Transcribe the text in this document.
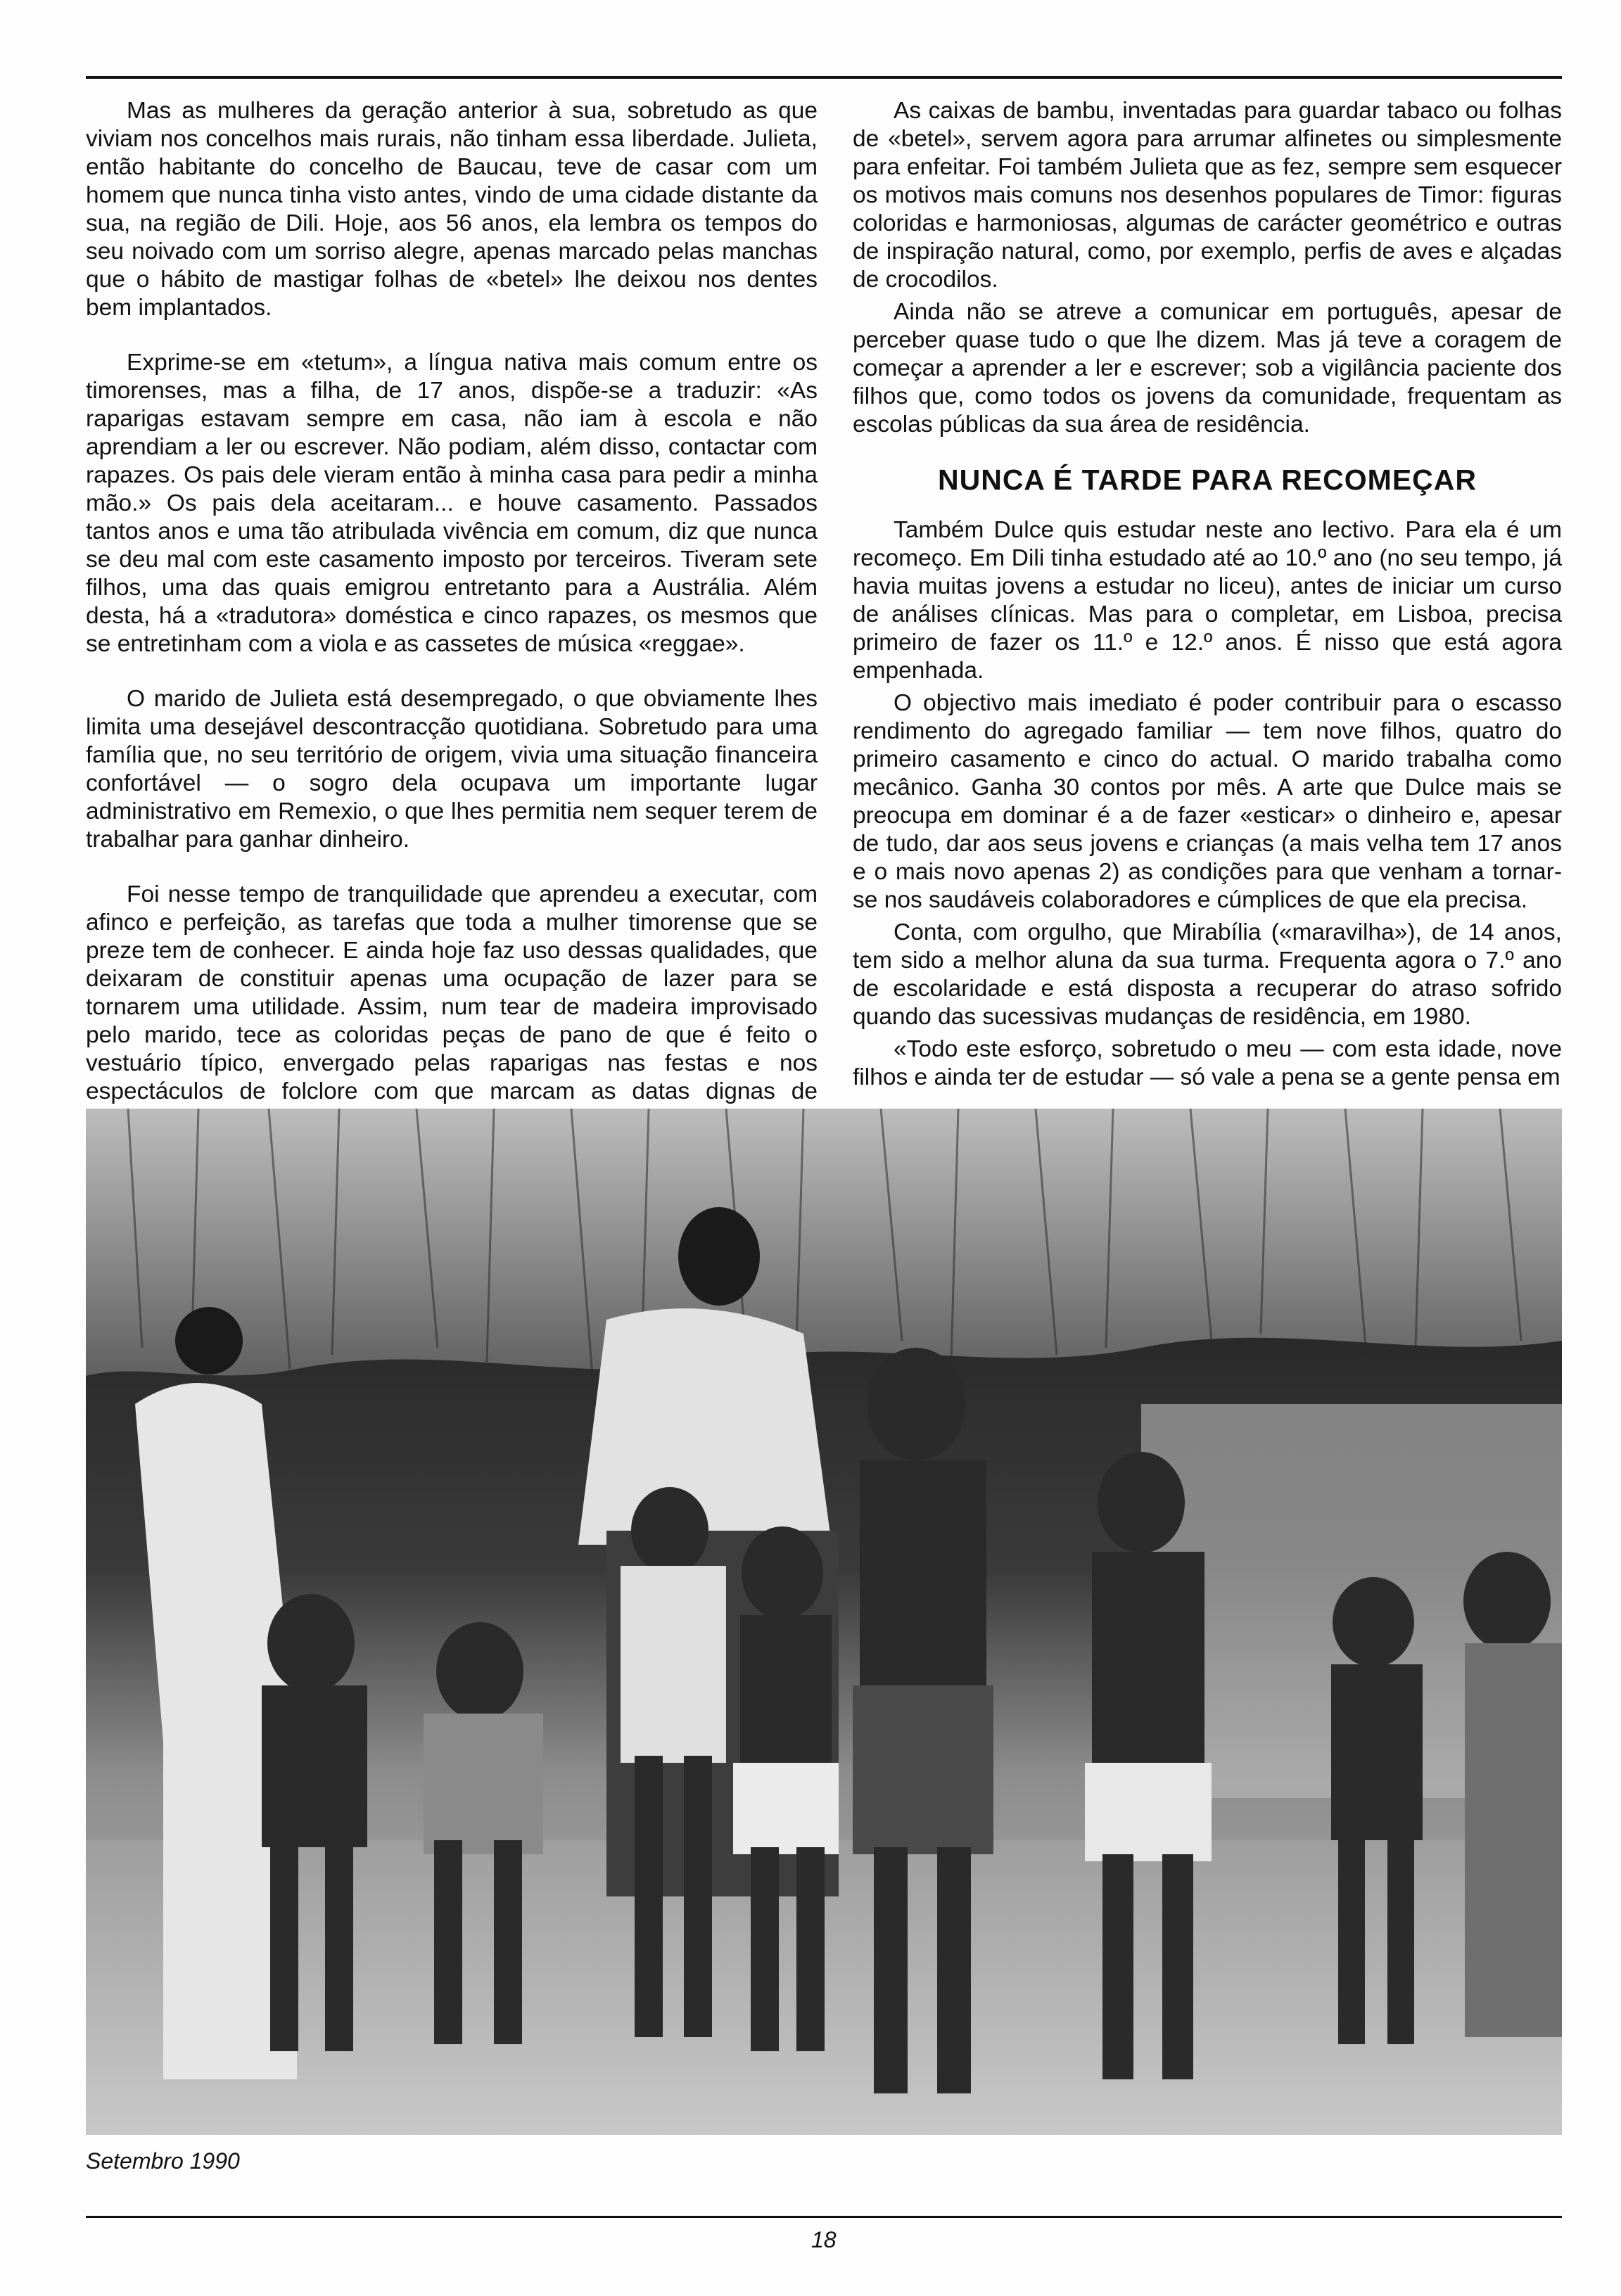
Mas as mulheres da geração anterior à sua, sobretudo as que viviam nos concelhos mais rurais, não tinham essa liberdade. Julieta, então habitante do concelho de Baucau, teve de casar com um homem que nunca tinha visto antes, vindo de uma cidade distante da sua, na região de Dili. Hoje, aos 56 anos, ela lembra os tempos do seu noivado com um sorriso alegre, apenas marcado pelas manchas que o hábito de mastigar folhas de «betel» lhe deixou nos dentes bem implantados.

Exprime-se em «tetum», a língua nativa mais comum entre os timorenses, mas a filha, de 17 anos, dispõe-se a traduzir: «As raparigas estavam sempre em casa, não iam à escola e não aprendiam a ler ou escrever. Não podiam, além disso, contactar com rapazes. Os pais dele vieram então à minha casa para pedir a minha mão.» Os pais dela aceitaram... e houve casamento. Passados tantos anos e uma tão atribulada vivência em comum, diz que nunca se deu mal com este casamento imposto por terceiros. Tiveram sete filhos, uma das quais emigrou entretanto para a Austrália. Além desta, há a «tradutora» doméstica e cinco rapazes, os mesmos que se entretinham com a viola e as cassetes de música «reggae».

O marido de Julieta está desempregado, o que obviamente lhes limita uma desejável descontracção quotidiana. Sobretudo para uma família que, no seu território de origem, vivia uma situação financeira confortável — o sogro dela ocupava um importante lugar administrativo em Remexio, o que lhes permitia nem sequer terem de trabalhar para ganhar dinheiro.

Foi nesse tempo de tranquilidade que aprendeu a executar, com afinco e perfeição, as tarefas que toda a mulher timorense que se preze tem de conhecer. E ainda hoje faz uso dessas qualidades, que deixaram de constituir apenas uma ocupação de lazer para se tornarem uma utilidade. Assim, num tear de madeira improvisado pelo marido, tece as coloridas peças de pano de que é feito o vestuário típico, envergado pelas raparigas nas festas e nos espectáculos de folclore com que marcam as datas dignas de

As caixas de bambu, inventadas para guardar tabaco ou folhas de «betel», servem agora para arrumar alfinetes ou simplesmente para enfeitar. Foi também Julieta que as fez, sempre sem esquecer os motivos mais comuns nos desenhos populares de Timor: figuras coloridas e harmoniosas, algumas de carácter geométrico e outras de inspiração natural, como, por exemplo, perfis de aves e alçadas de crocodilos.

Ainda não se atreve a comunicar em português, apesar de perceber quase tudo o que lhe dizem. Mas já teve a coragem de começar a aprender a ler e escrever; sob a vigilância paciente dos filhos que, como todos os jovens da comunidade, frequentam as escolas públicas da sua área de residência.

NUNCA É TARDE PARA RECOMEÇAR

Também Dulce quis estudar neste ano lectivo. Para ela é um recomeço. Em Dili tinha estudado até ao 10.º ano (no seu tempo, já havia muitas jovens a estudar no liceu), antes de iniciar um curso de análises clínicas. Mas para o completar, em Lisboa, precisa primeiro de fazer os 11.º e 12.º anos. É nisso que está agora empenhada.

O objectivo mais imediato é poder contribuir para o escasso rendimento do agregado familiar — tem nove filhos, quatro do primeiro casamento e cinco do actual. O marido trabalha como mecânico. Ganha 30 contos por mês. A arte que Dulce mais se preocupa em dominar é a de fazer «esticar» o dinheiro e, apesar de tudo, dar aos seus jovens e crianças (a mais velha tem 17 anos e o mais novo apenas 2) as condições para que venham a tornar-se nos saudáveis colaboradores e cúmplices de que ela precisa.

Conta, com orgulho, que Mirabília («maravilha»), de 14 anos, tem sido a melhor aluna da sua turma. Frequenta agora o 7.º ano de escolaridade e está disposta a recuperar do atraso sofrido quando das sucessivas mudanças de residência, em 1980.

«Todo este esforço, sobretudo o meu — com esta idade, nove filhos e ainda ter de estudar — só vale a pena se a gente pensa em

Setembro 1990
18
